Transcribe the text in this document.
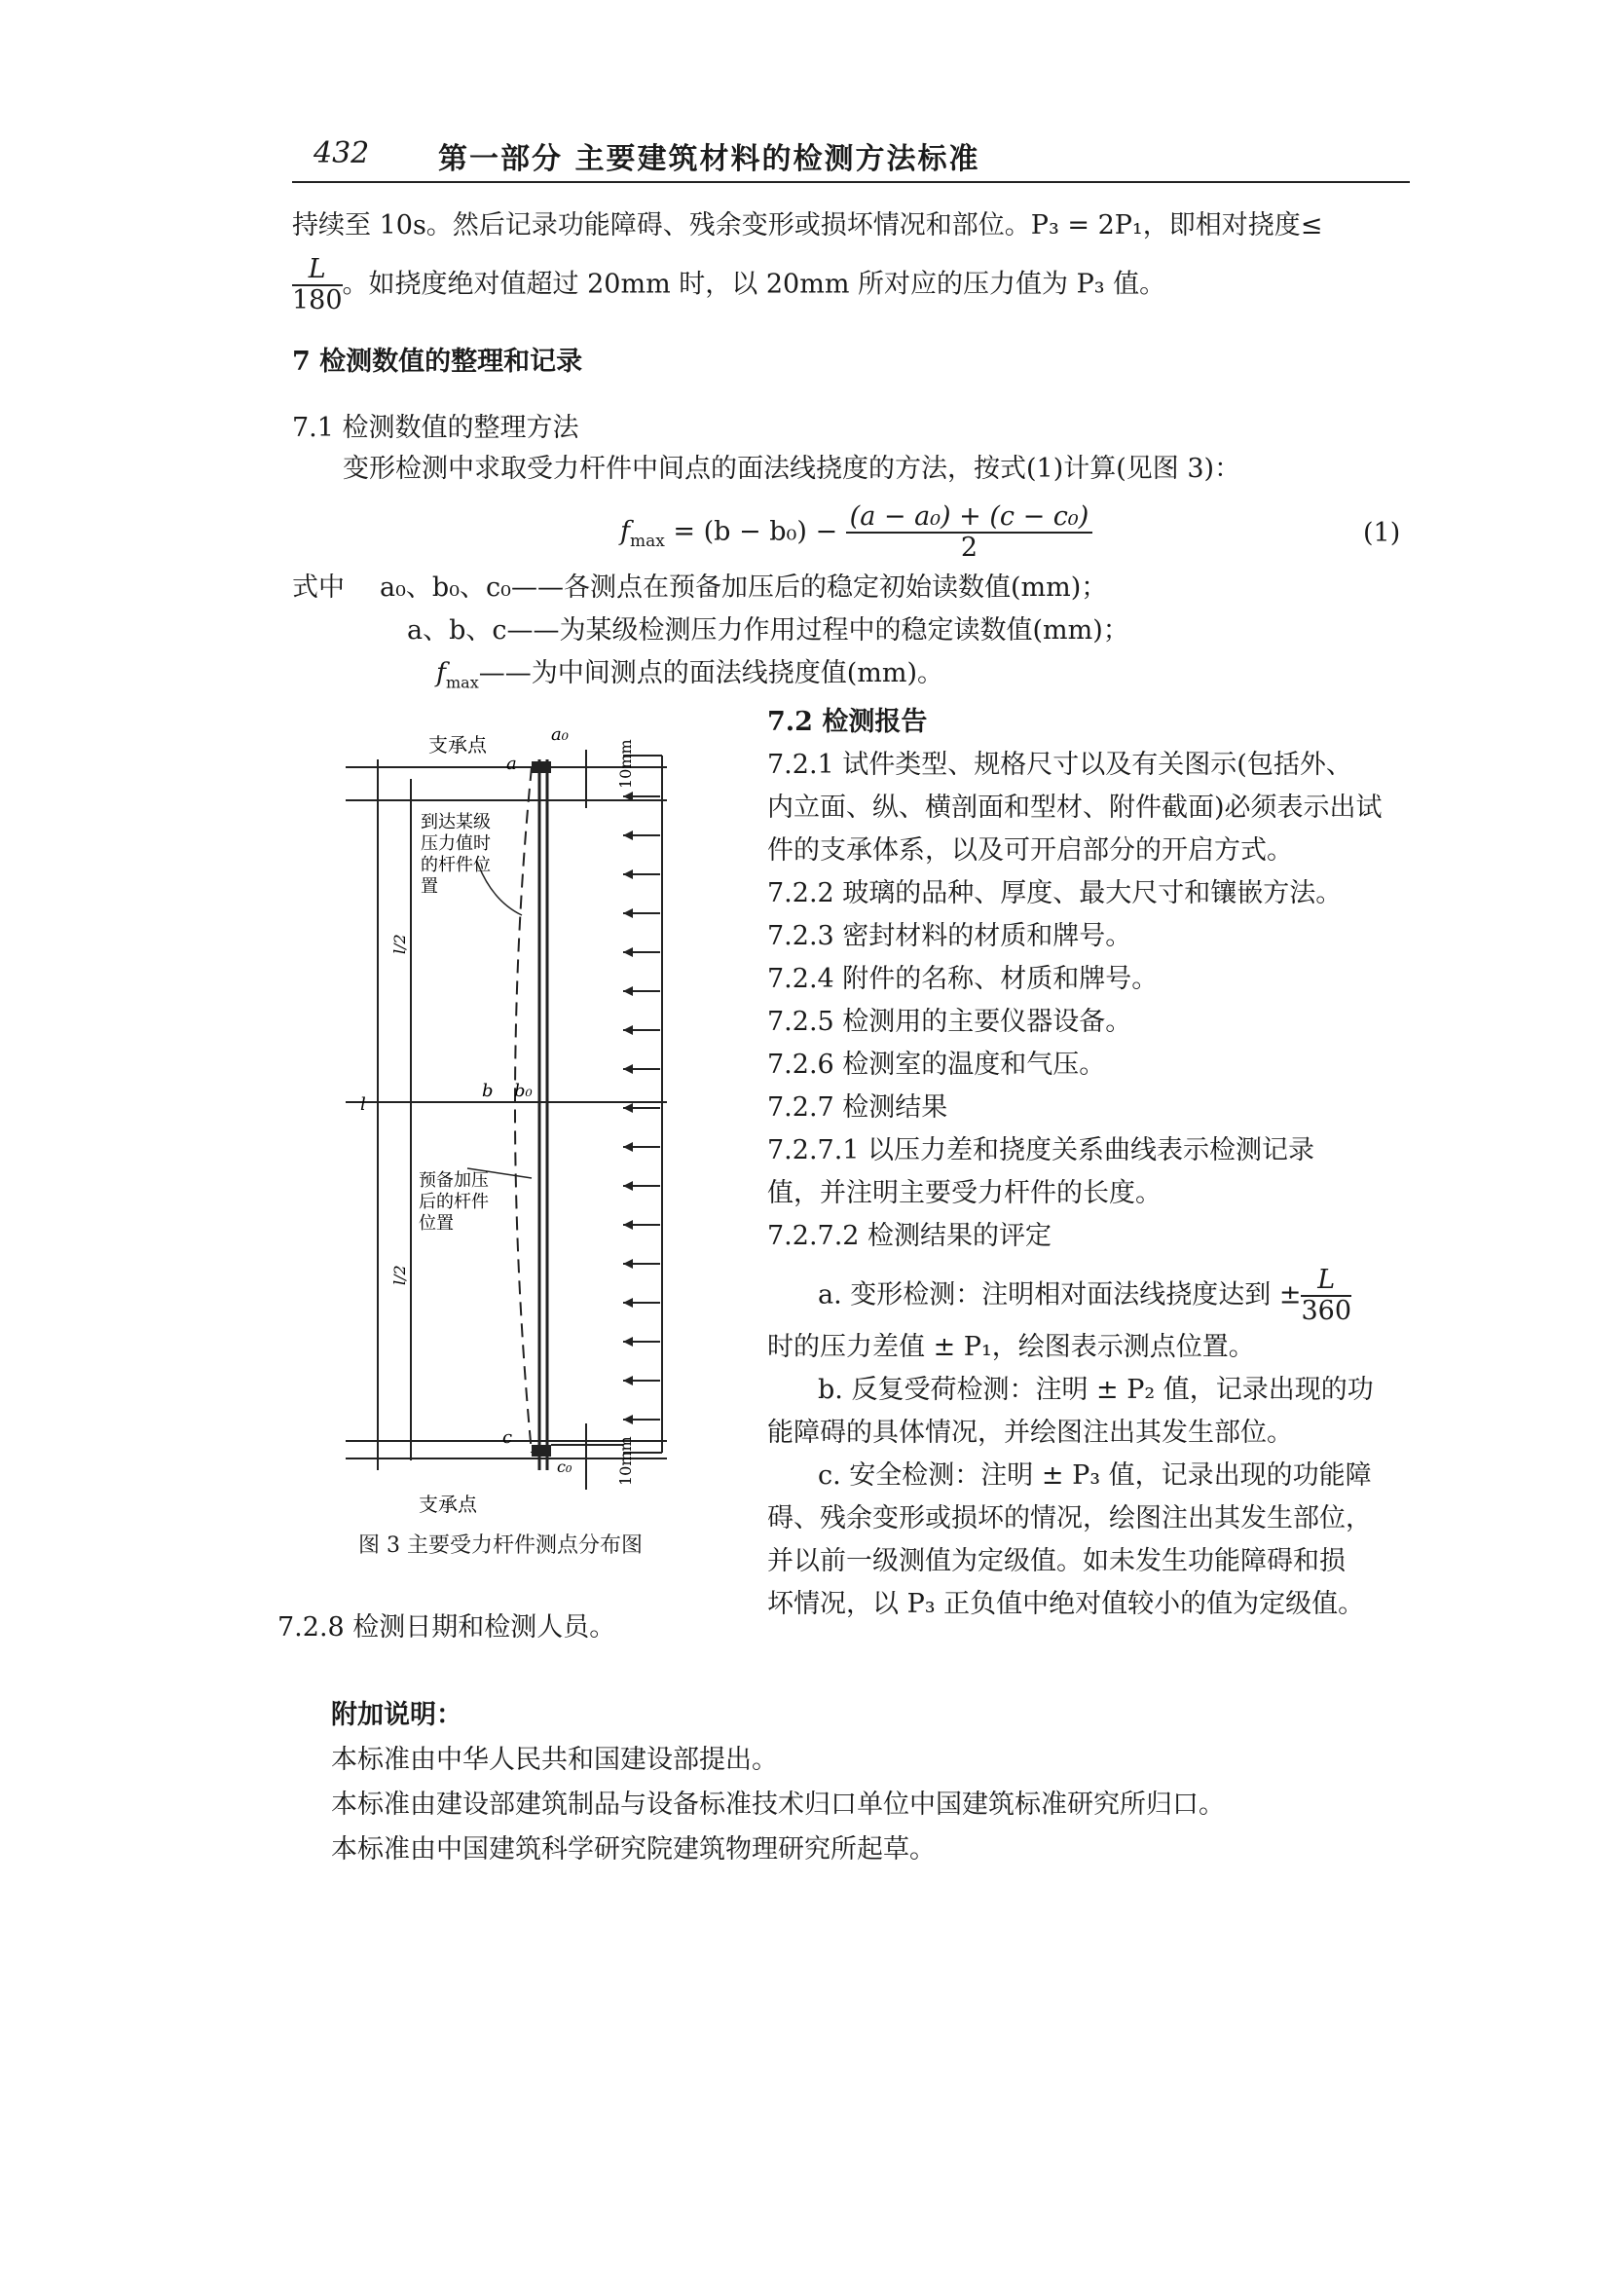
432 第一部分 主要建筑材料的检测方法标准
持续至 10s。然后记录功能障碍、残余变形或损坏情况和部位。P₃ = 2P₁，即相对挠度≤
$\frac{L}{180}$ 。如挠度绝对值超过 20mm 时，以 20mm 所对应的压力值为 P₃ 值。
7 检测数值的整理和记录
7.1 检测数值的整理方法
变形检测中求取受力杆件中间点的面法线挠度的方法，按式(1)计算(见图 3)：
$f_{max} = (b - b_0) - \frac{\text{(a − a₀) + (c − c₀)}}{2}$	(1)
式中 a₀、b₀、c₀——各测点在预备加压后的稳定初始读数值(mm)；
a、b、c——为某级检测压力作用过程中的稳定读数值(mm)；
$f_{max}——$为中间测点的面法线挠度值(mm)。
支承点	a₀
a
b b₀
c
c₀
10mm
10mm
l
l/2
l/2
到达某级
压力值时
的杆件位
置
预备加压
后的杆件
位置
支承点
图 3 主要受力杆件测点分布图
7.2 检测报告
7.2.1 试件类型、规格尺寸以及有关图示(包括外、
内立面、纵、横剖面和型材、附件截面)必须表示出试
件的支承体系，以及可开启部分的开启方式。
7.2.2 玻璃的品种、厚度、最大尺寸和镶嵌方法。
7.2.3 密封材料的材质和牌号。
7.2.4 附件的名称、材质和牌号。
7.2.5 检测用的主要仪器设备。
7.2.6 检测室的温度和气压。
7.2.7 检测结果
7.2.7.1 以压力差和挠度关系曲线表示检测记录
值，并注明主要受力杆件的长度。
7.2.7.2 检测结果的评定
a. 变形检测：注明相对面法线挠度达到 ± $\frac{L}{360}$
时的压力差值 ± P₁，绘图表示测点位置。
b. 反复受荷检测：注明 ± P₂ 值，记录出现的功
能障碍的具体情况，并绘图注出其发生部位。
c. 安全检测：注明 ± P₃ 值，记录出现的功能障
碍、残余变形或损坏的情况，绘图注出其发生部位，
并以前一级测值为定级值。如未发生功能障碍和损
坏情况，以 P₃ 正负值中绝对值较小的值为定级值。
7.2.8 检测日期和检测人员。
附加说明：
本标准由中华人民共和国建设部提出。
本标准由建设部建筑制品与设备标准技术归口单位中国建筑标准研究所归口。
本标准由中国建筑科学研究院建筑物理研究所起草。
